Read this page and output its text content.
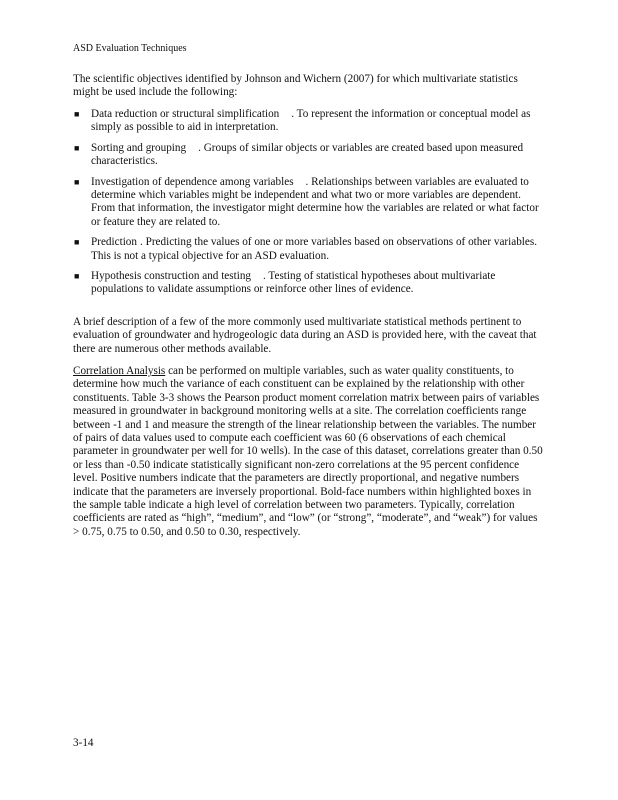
ASD Evaluation Techniques

The scientific objectives identified by Johnson and Wichern (2007) for which multivariate statistics might be used include the following:

■ Data reduction or structural simplification . To represent the information or conceptual model as simply as possible to aid in interpretation.
■ Sorting and grouping . Groups of similar objects or variables are created based upon measured characteristics.
■ Investigation of dependence among variables . Relationships between variables are evaluated to determine which variables might be independent and what two or more variables are dependent. From that information, the investigator might determine how the variables are related or what factor or feature they are related to.
■ Prediction . Predicting the values of one or more variables based on observations of other variables. This is not a typical objective for an ASD evaluation.
■ Hypothesis construction and testing . Testing of statistical hypotheses about multivariate populations to validate assumptions or reinforce other lines of evidence.

A brief description of a few of the more commonly used multivariate statistical methods pertinent to evaluation of groundwater and hydrogeologic data during an ASD is provided here, with the caveat that there are numerous other methods available.

Correlation Analysis can be performed on multiple variables, such as water quality constituents, to determine how much the variance of each constituent can be explained by the relationship with other constituents. Table 3-3 shows the Pearson product moment correlation matrix between pairs of variables measured in groundwater in background monitoring wells at a site. The correlation coefficients range between -1 and 1 and measure the strength of the linear relationship between the variables. The number of pairs of data values used to compute each coefficient was 60 (6 observations of each chemical parameter in groundwater per well for 10 wells). In the case of this dataset, correlations greater than 0.50 or less than -0.50 indicate statistically significant non-zero correlations at the 95 percent confidence level. Positive numbers indicate that the parameters are directly proportional, and negative numbers indicate that the parameters are inversely proportional. Bold-face numbers within highlighted boxes in the sample table indicate a high level of correlation between two parameters. Typically, correlation coefficients are rated as “high”, “medium”, and “low” (or “strong”, “moderate”, and “weak”) for values > 0.75, 0.75 to 0.50, and 0.50 to 0.30, respectively.

3-14
